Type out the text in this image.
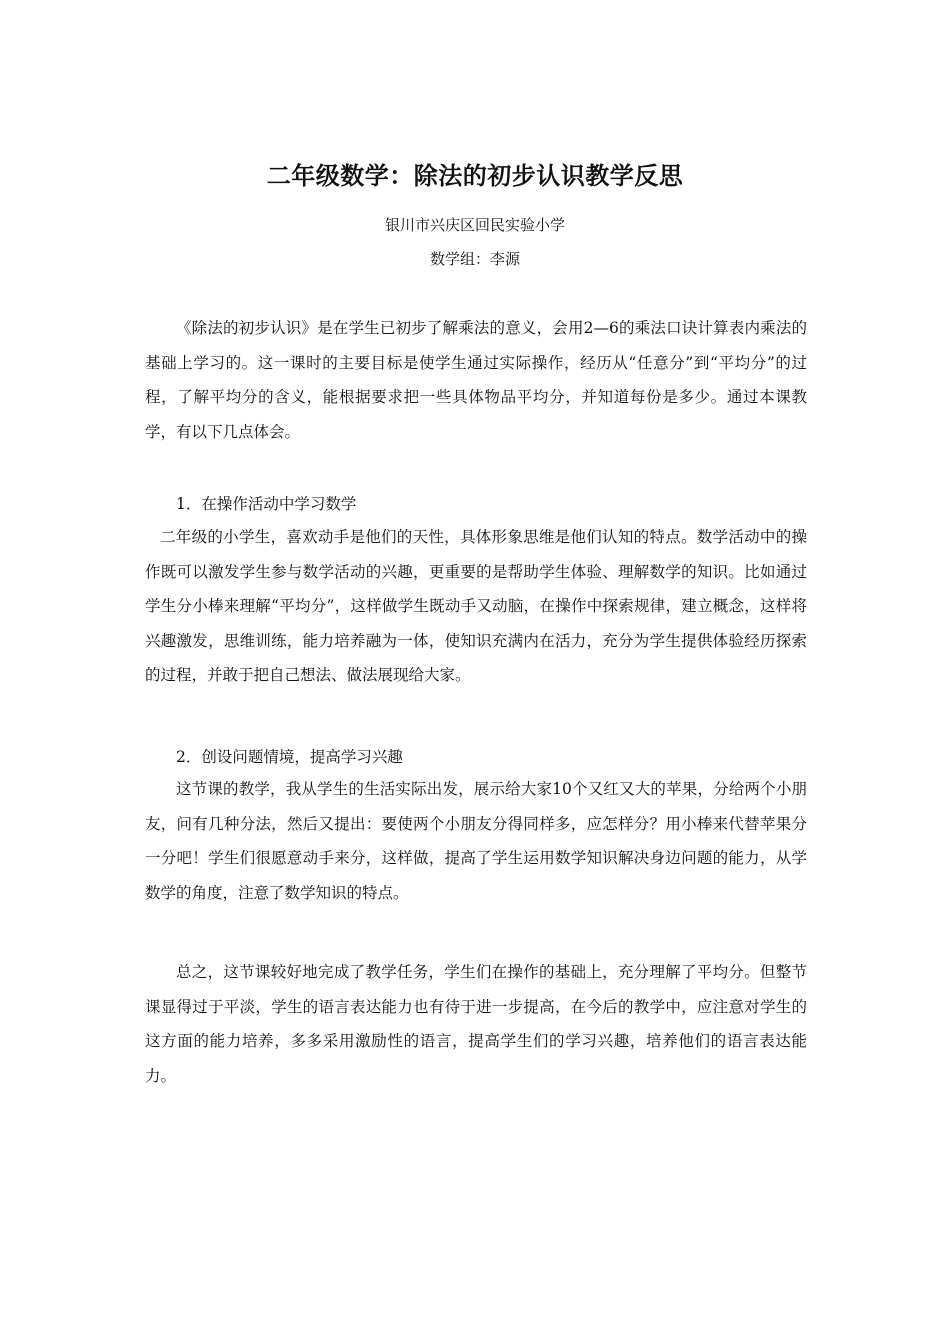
二年级数学：除法的初步认识教学反思
银川市兴庆区回民实验小学
数学组：李源
《除法的初步认识》是在学生已初步了解乘法的意义，会用2—6的乘法口诀计算表内乘法的基础上学习的。这一课时的主要目标是使学生通过实际操作，经历从“任意分”到“平均分”的过程，了解平均分的含义，能根据要求把一些具体物品平均分，并知道每份是多少。通过本课教学，有以下几点体会。
1．在操作活动中学习数学
二年级的小学生，喜欢动手是他们的天性，具体形象思维是他们认知的特点。数学活动中的操作既可以激发学生参与数学活动的兴趣，更重要的是帮助学生体验、理解数学的知识。比如通过学生分小棒来理解“平均分”，这样做学生既动手又动脑，在操作中探索规律，建立概念，这样将兴趣激发，思维训练，能力培养融为一体，使知识充满内在活力，充分为学生提供体验经历探索的过程，并敢于把自己想法、做法展现给大家。
2．创设问题情境，提高学习兴趣
这节课的教学，我从学生的生活实际出发，展示给大家10个又红又大的苹果，分给两个小朋友，问有几种分法，然后又提出：要使两个小朋友分得同样多，应怎样分？用小棒来代替苹果分一分吧！学生们很愿意动手来分，这样做，提高了学生运用数学知识解决身边问题的能力，从学数学的角度，注意了数学知识的特点。
总之，这节课较好地完成了教学任务，学生们在操作的基础上，充分理解了平均分。但整节课显得过于平淡，学生的语言表达能力也有待于进一步提高，在今后的教学中，应注意对学生的这方面的能力培养，多多采用激励性的语言，提高学生们的学习兴趣，培养他们的语言表达能力。
